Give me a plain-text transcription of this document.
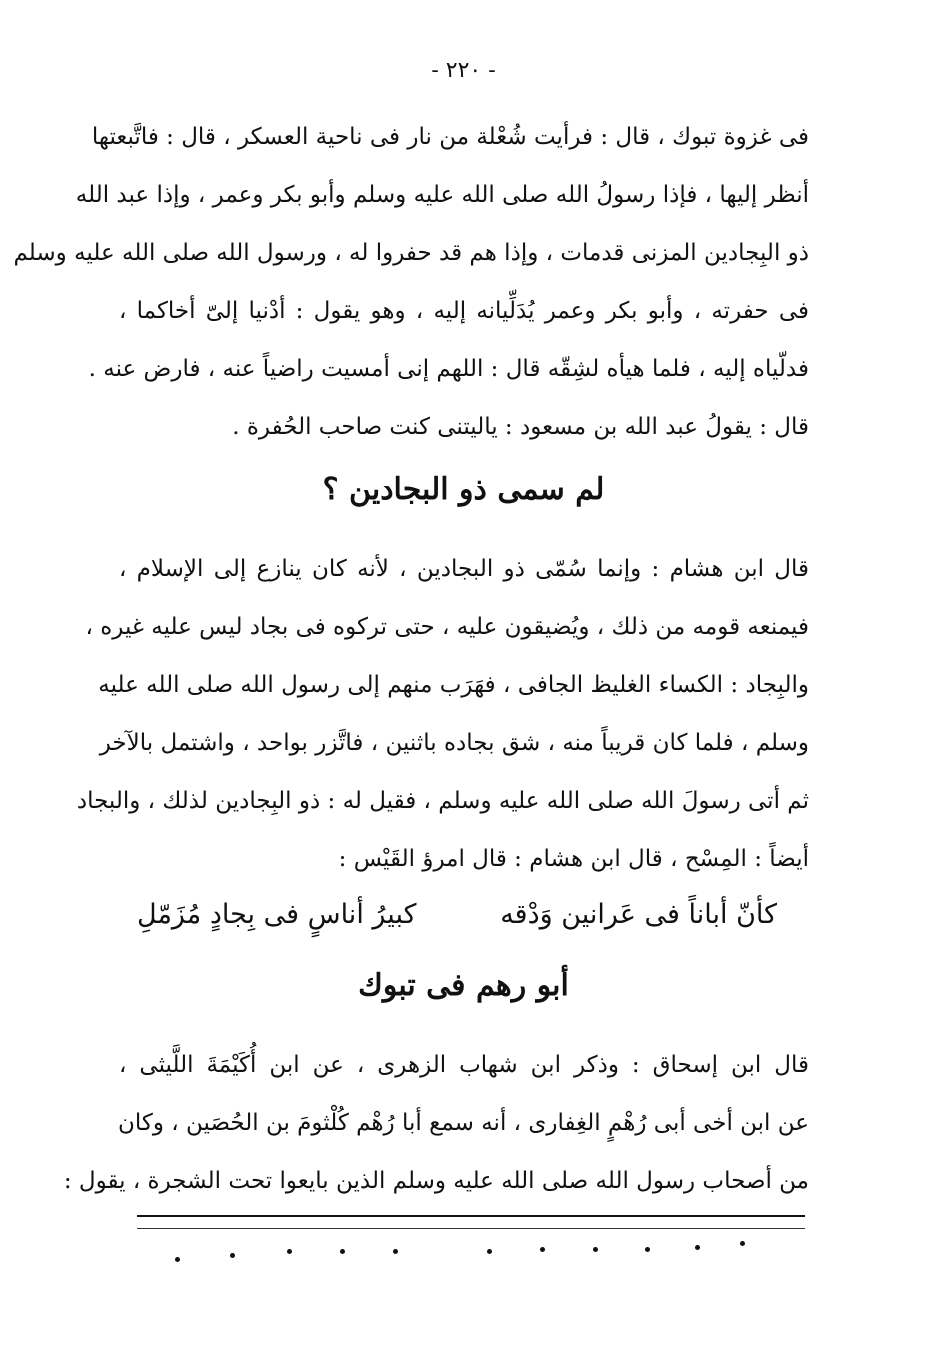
- ٢٢٠ -
فى غزوة تبوك ، قال : فرأيت شُعْلة من نار فى ناحية العسكر ، قال : فاتَّبعتها
أنظر إليها ، فإذا رسولُ الله صلى الله عليه وسلم وأبو بكر وعمر ، وإذا عبد الله
ذو البِجادين المزنى قدمات ، وإذا هم قد حفروا له ، ورسول الله صلى الله عليه وسلم
فى حفرته ، وأبو بكر وعمر يُدَلِّيانه إليه ، وهو يقول : أدْنيا إلىّ أخاكما ،
فدلّياه إليه ، فلما هيأه لشِقّه قال : اللهم إنى أمسيت راضياً عنه ، فارض عنه .
قال : يقولُ عبد الله بن مسعود : ياليتنى كنت صاحب الحُفرة .
لم سمى ذو البجادين ؟
قال ابن هشام : وإنما سُمّى ذو البجادين ، لأنه كان ينازع إلى الإسلام ،
فيمنعه قومه من ذلك ، ويُضيقون عليه ، حتى تركوه فى بجاد ليس عليه غيره ،
والبِجاد : الكساء الغليظ الجافى ، فهَرَب منهم إلى رسول الله صلى الله عليه
وسلم ، فلما كان قريباً منه ، شق بجاده باثنين ، فاتَّزر بواحد ، واشتمل بالآخر
ثم أتى رسولَ الله صلى الله عليه وسلم ، فقيل له : ذو البِجادين لذلك ، والبجاد
أيضاً : المِسْح ، قال ابن هشام : قال امرؤ القَيْس :
كأنّ أباناً فى عَرانين وَدْقه
كبيرُ أناسٍ فى بِجادٍ مُزَمّلِ
أبو رهم فى تبوك
قال ابن إسحاق : وذكر ابن شهاب الزهرى ، عن ابن أُكَيْمَةَ اللَّيثى ،
عن ابن أخى أبى رُهْمٍ الغِفارى ، أنه سمع أبا رُهْم كُلْثومَ بن الحُصَين ، وكان
من أصحاب رسول الله صلى الله عليه وسلم الذين بايعوا تحت الشجرة ، يقول :
